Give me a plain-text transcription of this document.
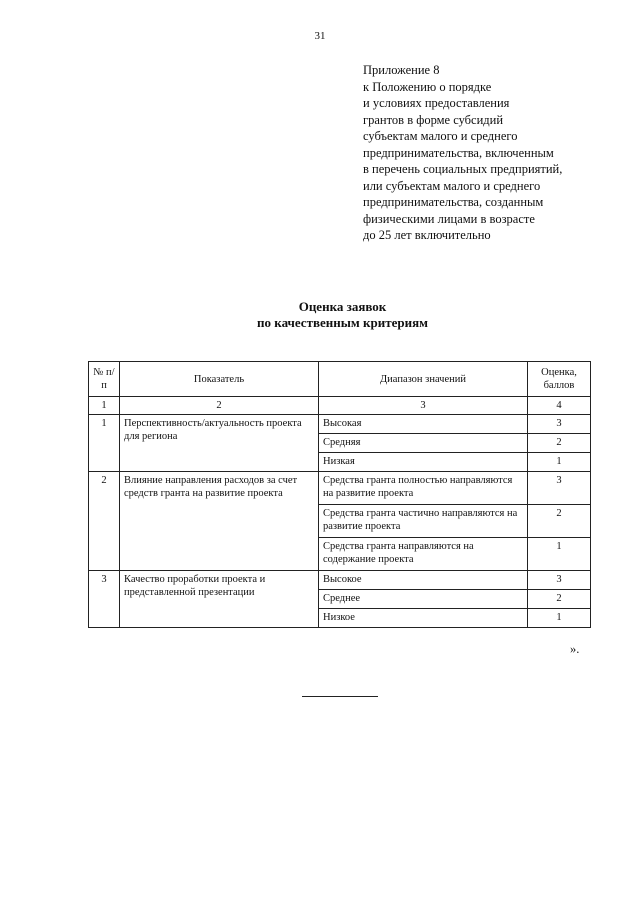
31
Приложение 8
к Положению о порядке
и условиях предоставления
грантов в форме субсидий
субъектам малого и среднего
предпринимательства, включенным
в перечень социальных предприятий,
или субъектам малого и среднего
предпринимательства, созданным
физическими лицами в возрасте
до 25 лет включительно
Оценка заявок
по качественным критериям
№ п/п	Показатель	Диапазон значений	Оценка, баллов
1	2	3	4
1	Перспективность/актуальность проекта для региона	Высокая	3
		Средняя	2
		Низкая	1
2	Влияние направления расходов за счет средств гранта на развитие проекта	Средства гранта полностью направляются на развитие проекта	3
		Средства гранта частично направляются на развитие проекта	2
		Средства гранта направляются на содержание проекта	1
3	Качество проработки проекта и представленной презентации	Высокое	3
		Среднее	2
		Низкое	1
».
